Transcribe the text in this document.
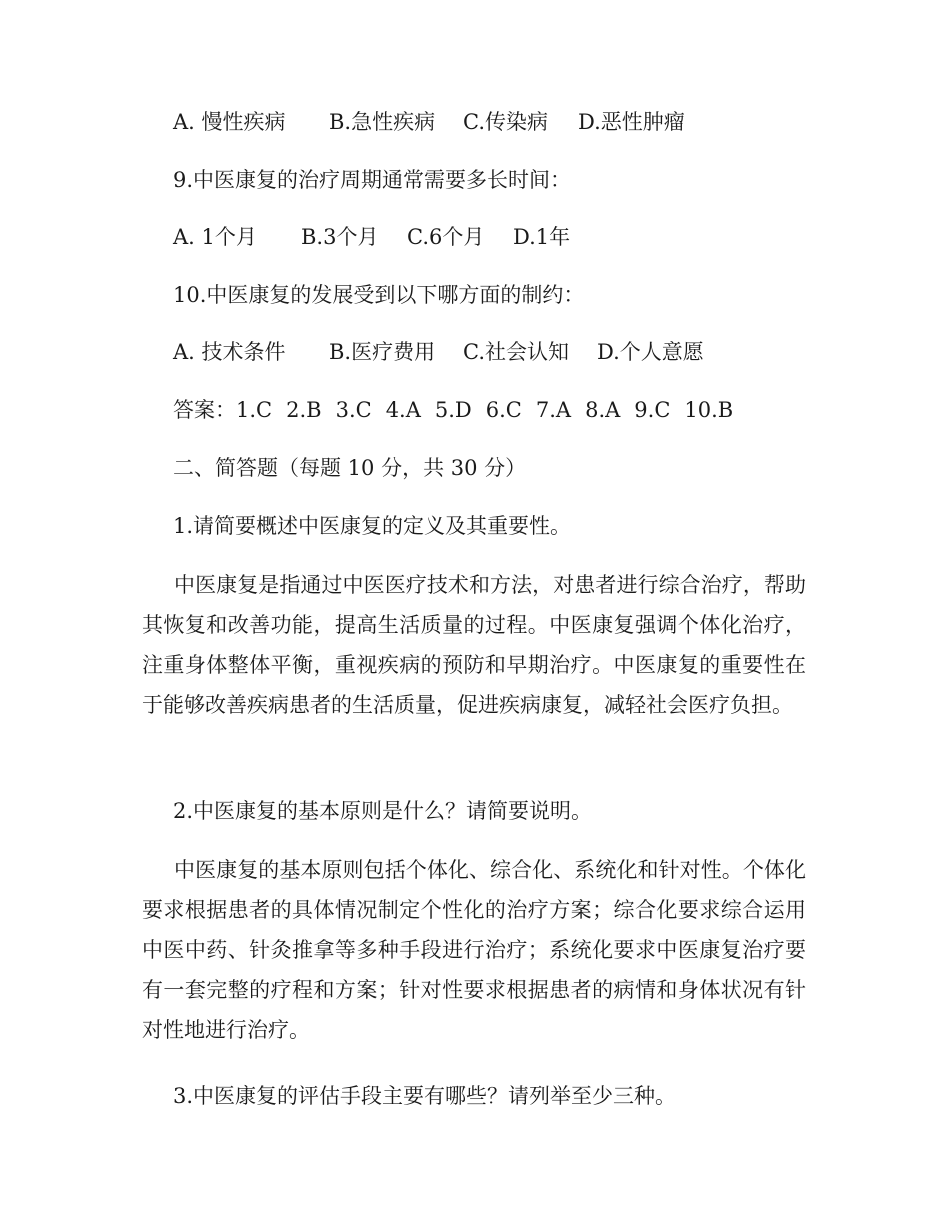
A. 慢性疾病 B.急性疾病 C.传染病 D.恶性肿瘤
9.中医康复的治疗周期通常需要多长时间：
A. 1个月 B.3个月 C.6个月 D.1年
10.中医康复的发展受到以下哪方面的制约：
A. 技术条件 B.医疗费用 C.社会认知 D.个人意愿
答案：1.C 2.B 3.C 4.A 5.D 6.C 7.A 8.A 9.C 10.B
二、简答题（每题 10 分，共 30 分）
1.请简要概述中医康复的定义及其重要性。
中医康复是指通过中医医疗技术和方法，对患者进行综合治疗，帮助其恢复和改善功能，提高生活质量的过程。中医康复强调个体化治疗，注重身体整体平衡，重视疾病的预防和早期治疗。中医康复的重要性在于能够改善疾病患者的生活质量，促进疾病康复，减轻社会医疗负担。
2.中医康复的基本原则是什么？请简要说明。
中医康复的基本原则包括个体化、综合化、系统化和针对性。个体化要求根据患者的具体情况制定个性化的治疗方案；综合化要求综合运用中医中药、针灸推拿等多种手段进行治疗；系统化要求中医康复治疗要有一套完整的疗程和方案；针对性要求根据患者的病情和身体状况有针对性地进行治疗。
3.中医康复的评估手段主要有哪些？请列举至少三种。
